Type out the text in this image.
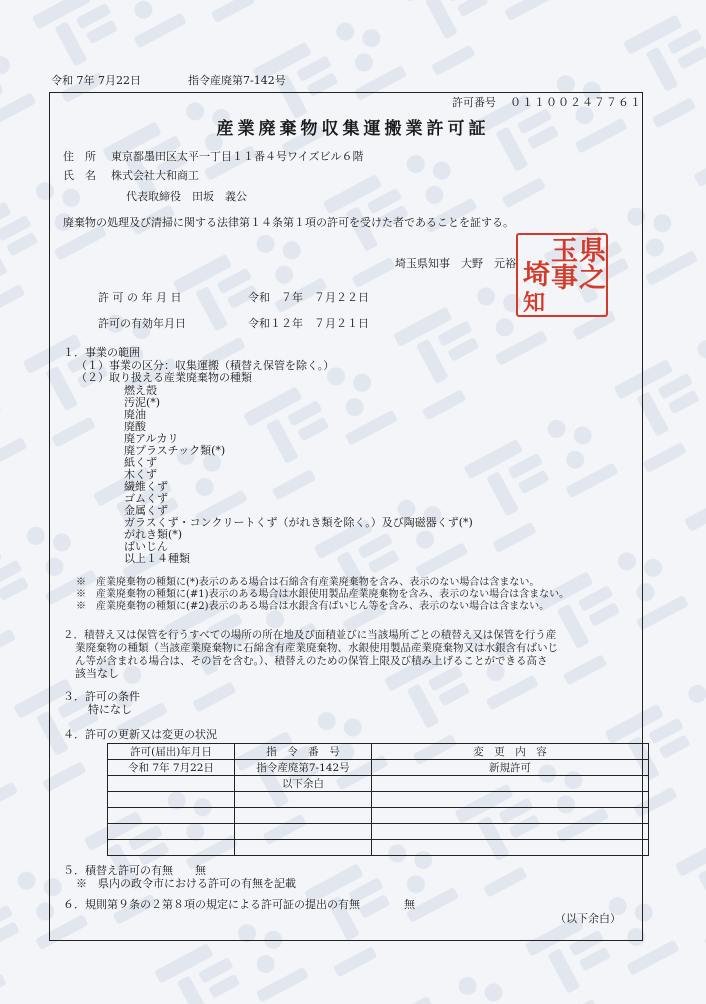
令和 7年 7月22日	指令産廃第7-142号
許可番号 ０１１００２４７７６１
産業廃棄物収集運搬業許可証
住　所 東京都墨田区太平一丁目１１番４号ワイズビル６階
氏　名 株式会社大和商工
代表取締役　田坂　義公
廃棄物の処理及び清掃に関する法律第１４条第１項の許可を受けた者であることを証する。
埼玉県知事　大野　元裕 埼
玉 県
事 之
知
許 可 の 年 月 日	令和　７年　７月２２日
許可の有効年月日	令和１２年　７月２１日
１．事業の範囲
（１）事業の区分：収集運搬（積替え保管を除く。）
（２）取り扱える産業廃棄物の種類
燃え殻
汚泥(*)
廃油
廃酸
廃アルカリ
廃プラスチック類(*)
紙くず
木くず
繊維くず
ゴムくず
金属くず
ガラスくず・コンクリートくず（がれき類を除く。）及び陶磁器くず(*)
がれき類(*)
ばいじん
以上１４種類
※　産業廃棄物の種類に(*)表示のある場合は石綿含有産業廃棄物を含み、表示のない場合は含まない。
※　産業廃棄物の種類に(#1)表示のある場合は水銀使用製品産業廃棄物を含み、表示のない場合は含まない。
※　産業廃棄物の種類に(#2)表示のある場合は水銀含有ばいじん等を含み、表示のない場合は含まない。
２．積替え又は保管を行うすべての場所の所在地及び面積並びに当該場所ごとの積替え又は保管を行う産
業廃棄物の種類（当該産業廃棄物に石綿含有産業廃棄物、水銀使用製品産業廃棄物又は水銀含有ばいじ
ん等が含まれる場合は、その旨を含む。）、積替えのための保管上限及び積み上げることができる高さ
該当なし
３．許可の条件
特になし
４．許可の更新又は変更の状況
許可(届出)年月日	指　令　番　号	変　更　内　容
令和 7年 7月22日	指令産廃第7-142号	新規許可
	以下余白	

５．積替え許可の有無　　無
※　県内の政令市における許可の有無を記載
６．規則第９条の２第８項の規定による許可証の提出の有無　　　　無
（以下余白）
